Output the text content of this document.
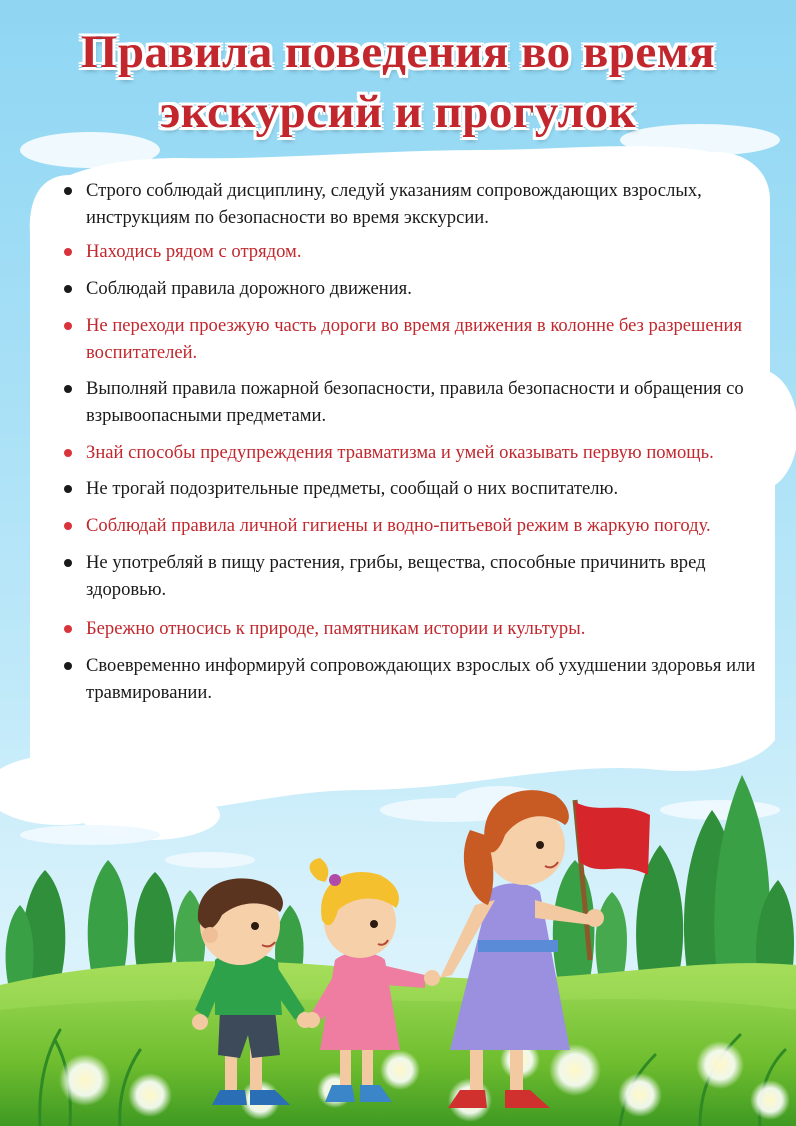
Правила поведения во время
экскурсий и прогулок
Строго соблюдай дисциплину, следуй указаниям сопровождающих взрослых, инструкциям по безопасности во время экскурсии.
Находись рядом с отрядом.
Соблюдай правила дорожного движения.
Не переходи проезжую часть дороги во время движения в колонне без разрешения воспитателей.
Выполняй правила пожарной безопасности, правила безопасности и обращения со взрывоопасными предметами.
Знай способы предупреждения травматизма и умей оказывать первую помощь.
Не трогай подозрительные предметы, сообщай о них воспитателю.
Соблюдай правила личной гигиены и водно-питьевой режим в жаркую погоду.
Не употребляй в пищу растения, грибы, вещества, способные причинить вред здоровью.
Бережно относись к природе, памятникам истории и культуры.
Своевременно информируй сопровождающих взрослых об ухудшении здоровья или травмировании.
